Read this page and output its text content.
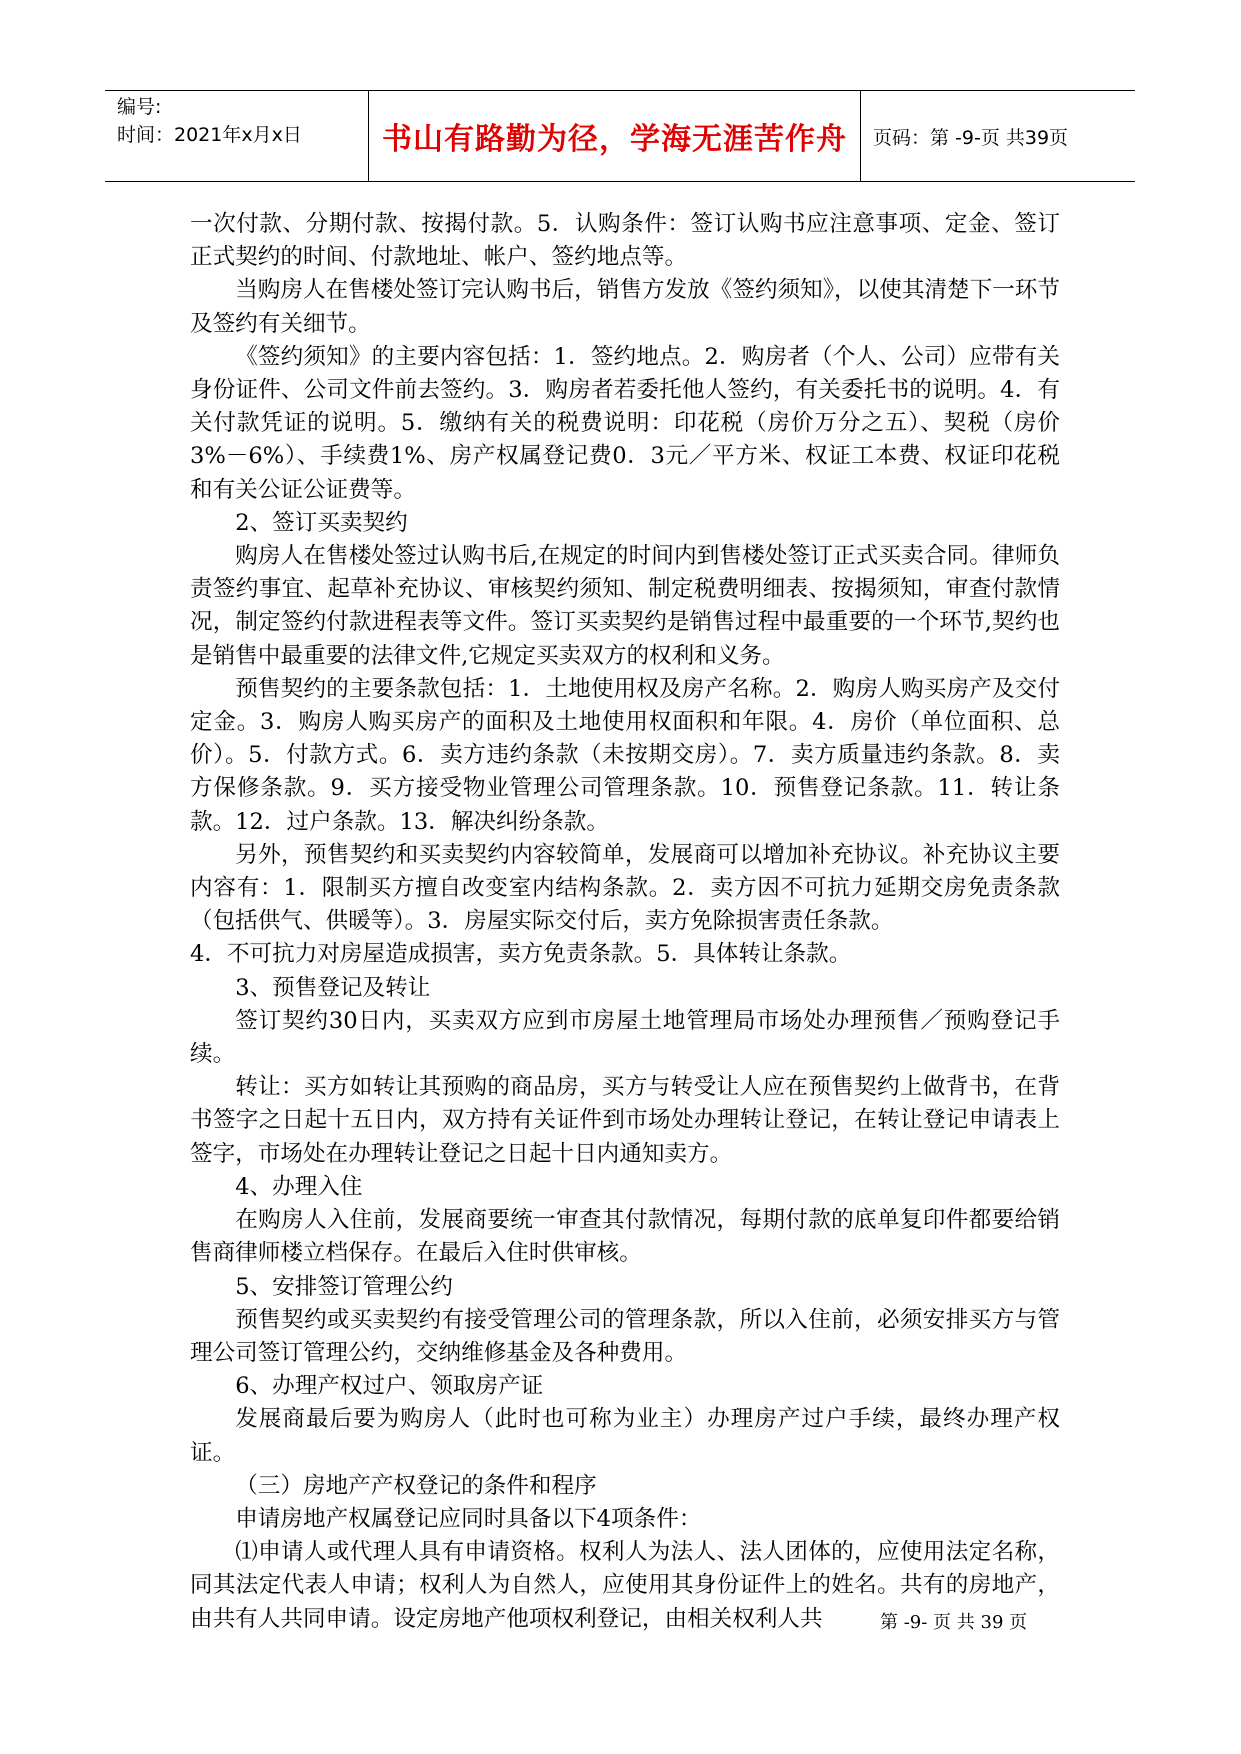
编号:
时间：2021年x月x日	书山有路勤为径，学海无涯苦作舟	页码：第 -9-页 共39页

一次付款、分期付款、按揭付款。5．认购条件：签订认购书应注意事项、定金、签订正式契约的时间、付款地址、帐户、签约地点等。

当购房人在售楼处签订完认购书后，销售方发放《签约须知》，以使其清楚下一环节及签约有关细节。

《签约须知》的主要内容包括：1．签约地点。2．购房者（个人、公司）应带有关身份证件、公司文件前去签约。3．购房者若委托他人签约，有关委托书的说明。4．有关付款凭证的说明。5．缴纳有关的税费说明：印花税（房价万分之五）、契税（房价3%－6%）、手续费1%、房产权属登记费0．3元／平方米、权证工本费、权证印花税和有关公证公证费等。

2、签订买卖契约

购房人在售楼处签过认购书后,在规定的时间内到售楼处签订正式买卖合同。律师负责签约事宜、起草补充协议、审核契约须知、制定税费明细表、按揭须知，审查付款情况，制定签约付款进程表等文件。签订买卖契约是销售过程中最重要的一个环节,契约也是销售中最重要的法律文件,它规定买卖双方的权利和义务。

预售契约的主要条款包括：1．土地使用权及房产名称。2．购房人购买房产及交付定金。3．购房人购买房产的面积及土地使用权面积和年限。4．房价（单位面积、总价）。5．付款方式。6．卖方违约条款（未按期交房）。7．卖方质量违约条款。8．卖方保修条款。9．买方接受物业管理公司管理条款。10．预售登记条款。11．转让条款。12．过户条款。13．解决纠纷条款。

另外，预售契约和买卖契约内容较简单，发展商可以增加补充协议。补充协议主要内容有：1．限制买方擅自改变室内结构条款。2．卖方因不可抗力延期交房免责条款（包括供气、供暖等）。3．房屋实际交付后，卖方免除损害责任条款。

4．不可抗力对房屋造成损害，卖方免责条款。5．具体转让条款。

3、预售登记及转让

签订契约30日内，买卖双方应到市房屋土地管理局市场处办理预售／预购登记手续。

转让：买方如转让其预购的商品房，买方与转受让人应在预售契约上做背书，在背书签字之日起十五日内，双方持有关证件到市场处办理转让登记，在转让登记申请表上签字，市场处在办理转让登记之日起十日内通知卖方。

4、办理入住

在购房人入住前，发展商要统一审查其付款情况，每期付款的底单复印件都要给销售商律师楼立档保存。在最后入住时供审核。

5、安排签订管理公约

预售契约或买卖契约有接受管理公司的管理条款，所以入住前，必须安排买方与管理公司签订管理公约，交纳维修基金及各种费用。

6、办理产权过户、领取房产证

发展商最后要为购房人（此时也可称为业主）办理房产过户手续，最终办理产权证。

（三）房地产产权登记的条件和程序

申请房地产权属登记应同时具备以下4项条件：

⑴申请人或代理人具有申请资格。权利人为法人、法人团体的，应使用法定名称，同其法定代表人申请；权利人为自然人，应使用其身份证件上的姓名。共有的房地产，由共有人共同申请。设定房地产他项权利登记，由相关权利人共	第 -9- 页 共 39 页
